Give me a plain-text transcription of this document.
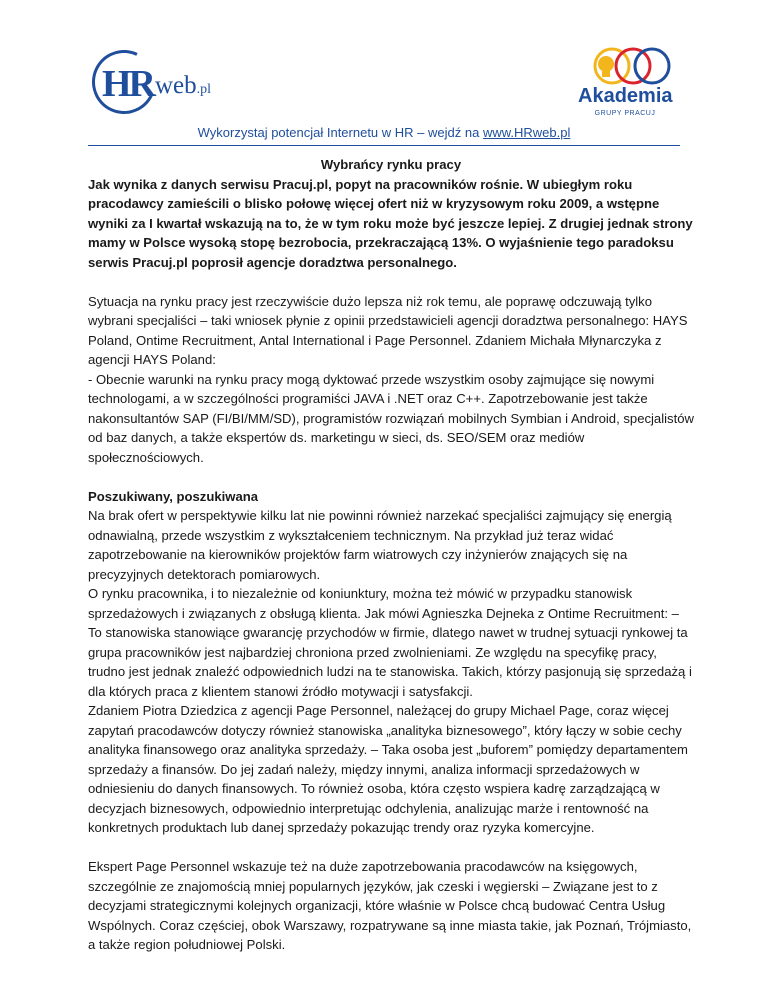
HR web.pl	Akademia
GRUPY PRACUJ
Wykorzystaj potencjał Internetu w HR – wejdź na www.HRweb.pl

Wybrańcy rynku pracy

Jak wynika z danych serwisu Pracuj.pl, popyt na pracowników rośnie. W ubiegłym roku pracodawcy zamieścili o blisko połowę więcej ofert niż w kryzysowym roku 2009, a wstępne wyniki za I kwartał wskazują na to, że w tym roku może być jeszcze lepiej. Z drugiej jednak strony mamy w Polsce wysoką stopę bezrobocia, przekraczającą 13%. O wyjaśnienie tego paradoksu serwis Pracuj.pl poprosił agencje doradztwa personalnego.

Sytuacja na rynku pracy jest rzeczywiście dużo lepsza niż rok temu, ale poprawę odczuwają tylko wybrani specjaliści – taki wniosek płynie z opinii przedstawicieli agencji doradztwa personalnego: HAYS Poland, Ontime Recruitment, Antal International i Page Personnel. Zdaniem Michała Młynarczyka z agencji HAYS Poland:

- Obecnie warunki na rynku pracy mogą dyktować przede wszystkim osoby zajmujące się nowymi technologami, a w szczególności programiści JAVA i .NET oraz C++. Zapotrzebowanie jest także nakonsultantów SAP (FI/BI/MM/SD), programistów rozwiązań mobilnych Symbian i Android, specjalistów od baz danych, a także ekspertów ds. marketingu w sieci, ds. SEO/SEM oraz mediów społecznościowych.

Poszukiwany, poszukiwana

Na brak ofert w perspektywie kilku lat nie powinni również narzekać specjaliści zajmujący się energią odnawialną, przede wszystkim z wykształceniem technicznym. Na przykład już teraz widać zapotrzebowanie na kierowników projektów farm wiatrowych czy inżynierów znających się na precyzyjnych detektorach pomiarowych.

O rynku pracownika, i to niezależnie od koniunktury, można też mówić w przypadku stanowisk sprzedażowych i związanych z obsługą klienta. Jak mówi Agnieszka Dejneka z Ontime Recruitment: – To stanowiska stanowiące gwarancję przychodów w firmie, dlatego nawet w trudnej sytuacji rynkowej ta grupa pracowników jest najbardziej chroniona przed zwolnieniami. Ze względu na specyfikę pracy, trudno jest jednak znaleźć odpowiednich ludzi na te stanowiska. Takich, którzy pasjonują się sprzedażą i dla których praca z klientem stanowi źródło motywacji i satysfakcji.

Zdaniem Piotra Dziedzica z agencji Page Personnel, należącej do grupy Michael Page, coraz więcej zapytań pracodawców dotyczy również stanowiska „analityka biznesowego”, który łączy w sobie cechy analityka finansowego oraz analityka sprzedaży. – Taka osoba jest „buforem” pomiędzy departamentem sprzedaży a finansów. Do jej zadań należy, między innymi, analiza informacji sprzedażowych w odniesieniu do danych finansowych. To również osoba, która często wspiera kadrę zarządzającą w decyzjach biznesowych, odpowiednio interpretując odchylenia, analizując marże i rentowność na konkretnych produktach lub danej sprzedaży pokazując trendy oraz ryzyka komercyjne.

Ekspert Page Personnel wskazuje też na duże zapotrzebowania pracodawców na księgowych, szczególnie ze znajomością mniej popularnych języków, jak czeski i węgierski – Związane jest to z decyzjami strategicznymi kolejnych organizacji, które właśnie w Polsce chcą budować Centra Usług Wspólnych. Coraz częściej, obok Warszawy, rozpatrywane są inne miasta takie, jak Poznań, Trójmiasto, a także region południowej Polski.
